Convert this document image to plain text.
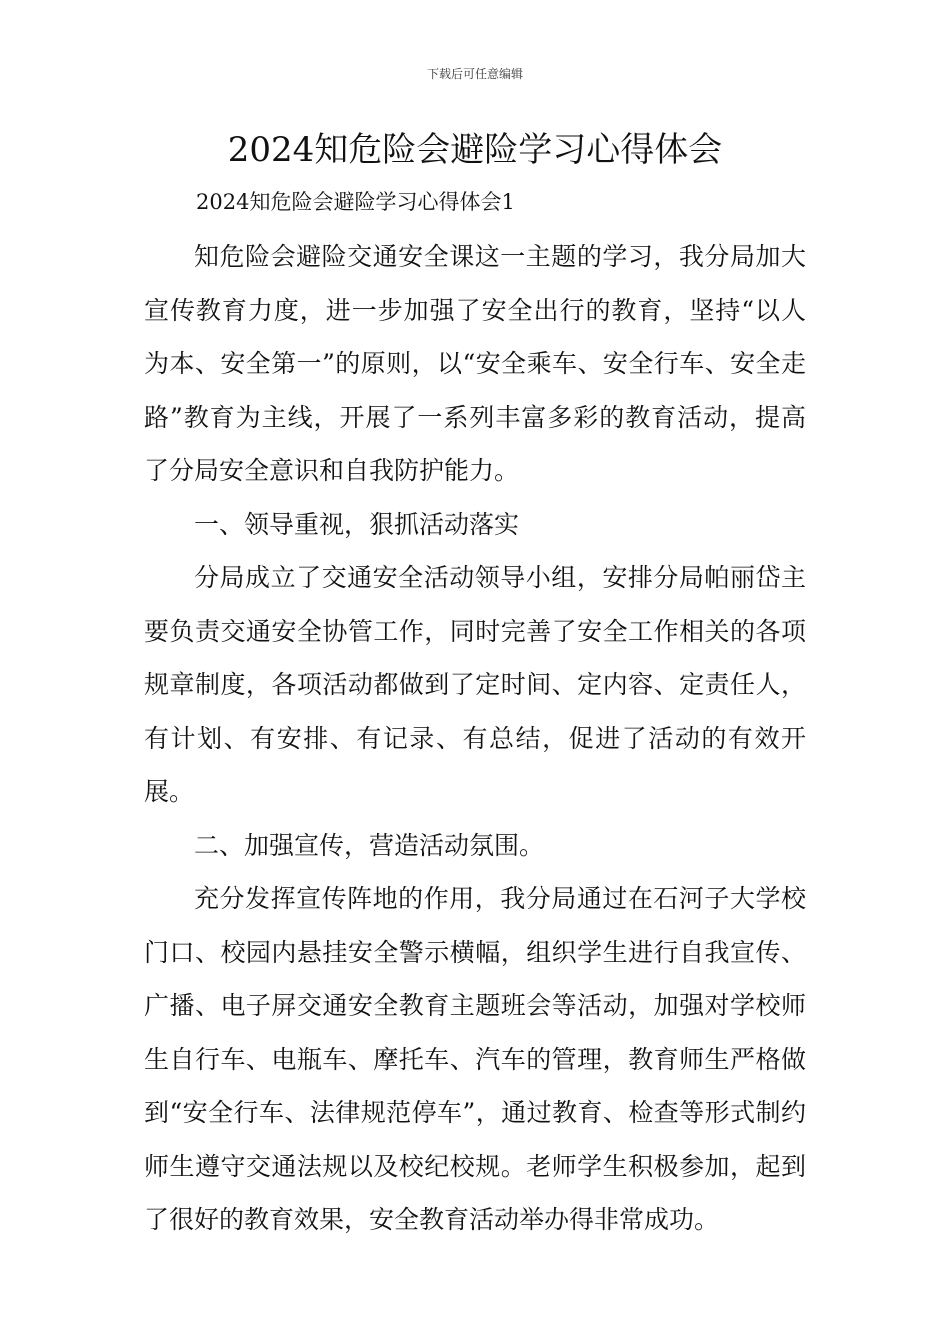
下载后可任意编辑
2024知危险会避险学习心得体会

2024知危险会避险学习心得体会1

知危险会避险交通安全课这一主题的学习，我分局加大宣传教育力度，进一步加强了安全出行的教育，坚持“以人为本、安全第一”的原则，以“安全乘车、安全行车、安全走路”教育为主线，开展了一系列丰富多彩的教育活动，提高了分局安全意识和自我防护能力。

一、领导重视，狠抓活动落实

分局成立了交通安全活动领导小组，安排分局帕丽岱主要负责交通安全协管工作，同时完善了安全工作相关的各项规章制度，各项活动都做到了定时间、定内容、定责任人，有计划、有安排、有记录、有总结，促进了活动的有效开展。

二、加强宣传，营造活动氛围。

充分发挥宣传阵地的作用，我分局通过在石河子大学校门口、校园内悬挂安全警示横幅，组织学生进行自我宣传、广播、电子屏交通安全教育主题班会等活动，加强对学校师生自行车、电瓶车、摩托车、汽车的管理，教育师生严格做到“安全行车、法律规范停车”，通过教育、检查等形式制约师生遵守交通法规以及校纪校规。老师学生积极参加，起到了很好的教育效果，安全教育活动举办得非常成功。
